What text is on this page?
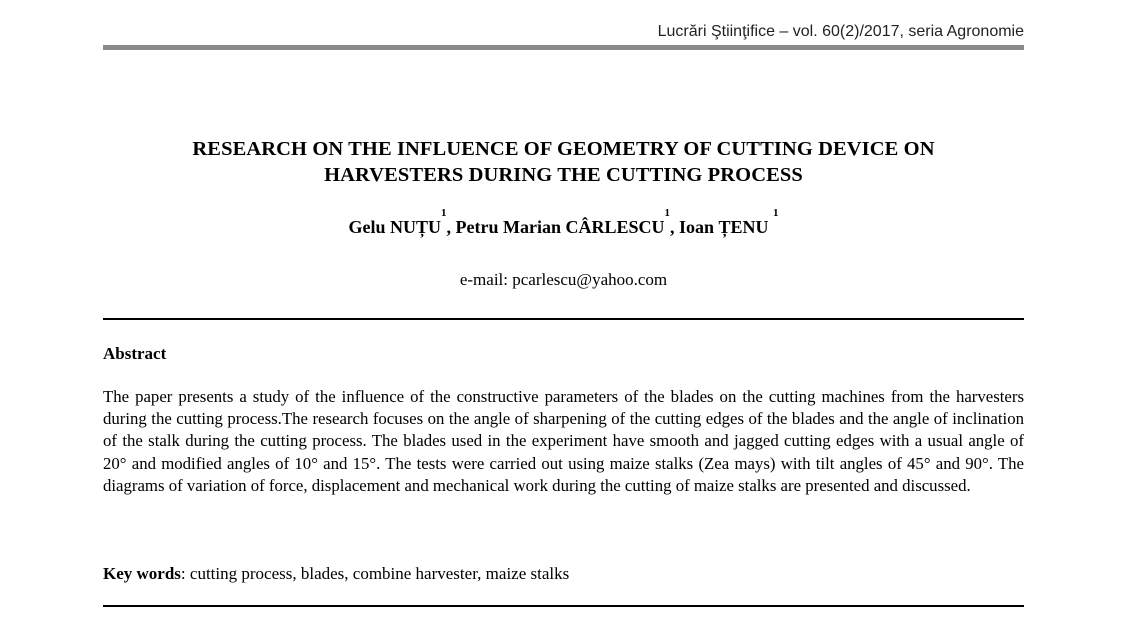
Lucrări Ştiinţifice – vol. 60(2)/2017, seria Agronomie
RESEARCH ON THE INFLUENCE OF GEOMETRY OF CUTTING DEVICE ON
HARVESTERS DURING THE CUTTING PROCESS
Gelu NUȚU$^1$, Petru Marian CÂRLESCU$^1$, Ioan ȚENU $^1$
e-mail: pcarlescu@yahoo.com
Abstract
The paper presents a study of the influence of the constructive parameters of the blades on the cutting machines from the harvesters during the cutting process.The research focuses on the angle of sharpening of the cutting edges of the blades and the angle of inclination of the stalk during the cutting process. The blades used in the experiment have smooth and jagged cutting edges with a usual angle of 20° and modified angles of 10° and 15°. The tests were carried out using maize stalks (Zea mays) with tilt angles of 45° and 90°. The diagrams of variation of force, displacement and mechanical work during the cutting of maize stalks are presented and discussed.
Key words: cutting process, blades, combine harvester, maize stalks
